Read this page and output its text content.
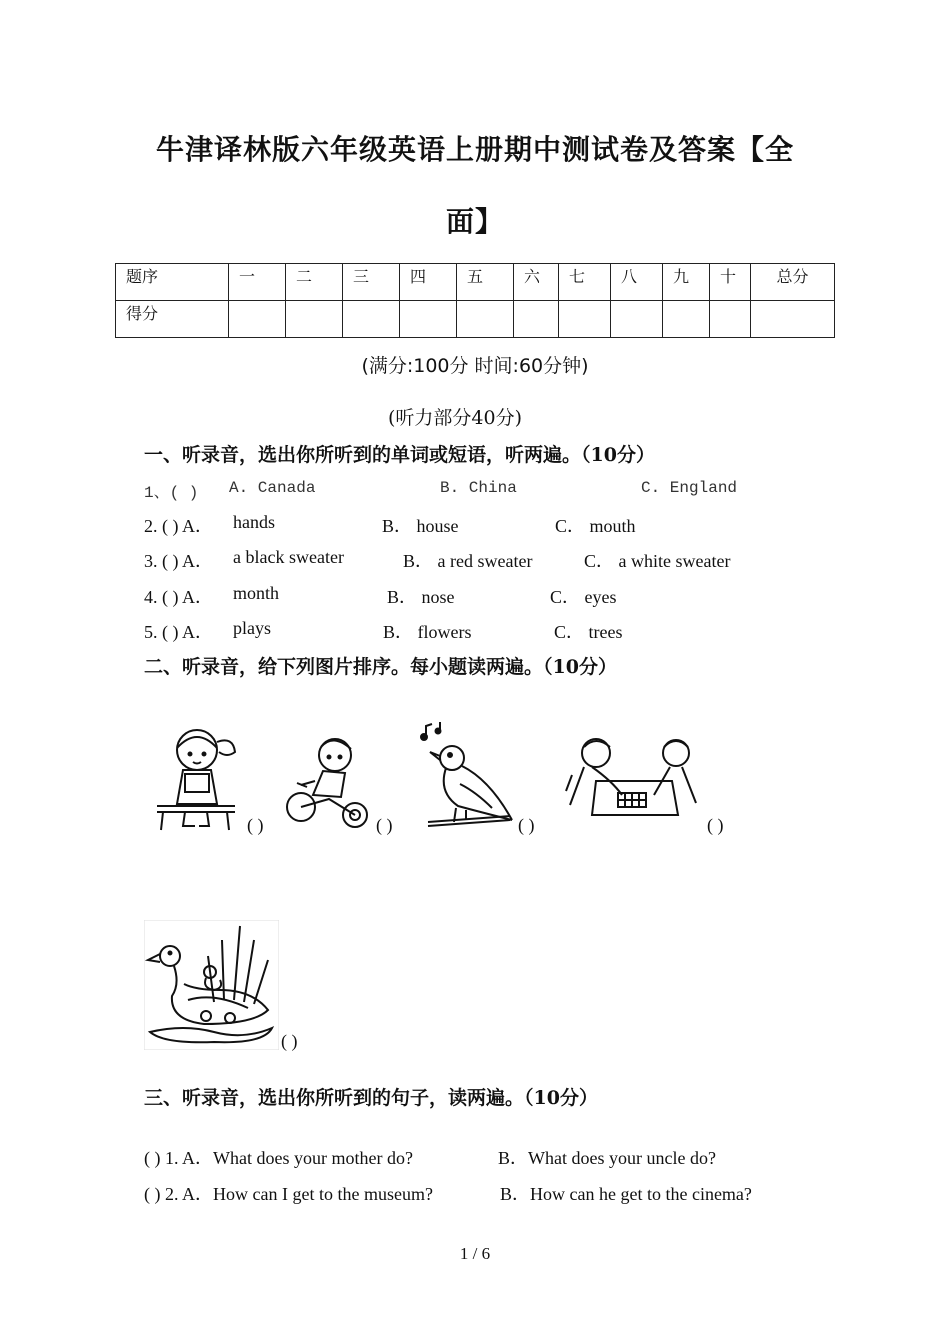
牛津译林版六年级英语上册期中测试卷及答案【全
面】
题序	一	二	三	四	五	六	七	八	九	十	总分
得分											
(满分:100分 时间:60分钟)
(听力部分40分)
一、听录音，选出你所听到的单词或短语，听两遍。（10分）
1、( ) A. Canada	B. China	C. England
2. ( ) A． hands	B． house	C． mouth
3. ( ) A． a black sweater	B． a red sweater	C． a white sweater
4. ( ) A． month	B． nose	C． eyes
5. ( ) A． plays	B． flowers	C． trees
二、听录音，给下列图片排序。每小题读两遍。（10分）
( )	( )	( )	( )
( )
三、听录音，选出你所听到的句子，读两遍。（10分）
( ) 1. A．What does your mother do?	B．What does your uncle do?
( ) 2. A．How can I get to the museum?	B．How can he get to the cinema?
1 / 6
